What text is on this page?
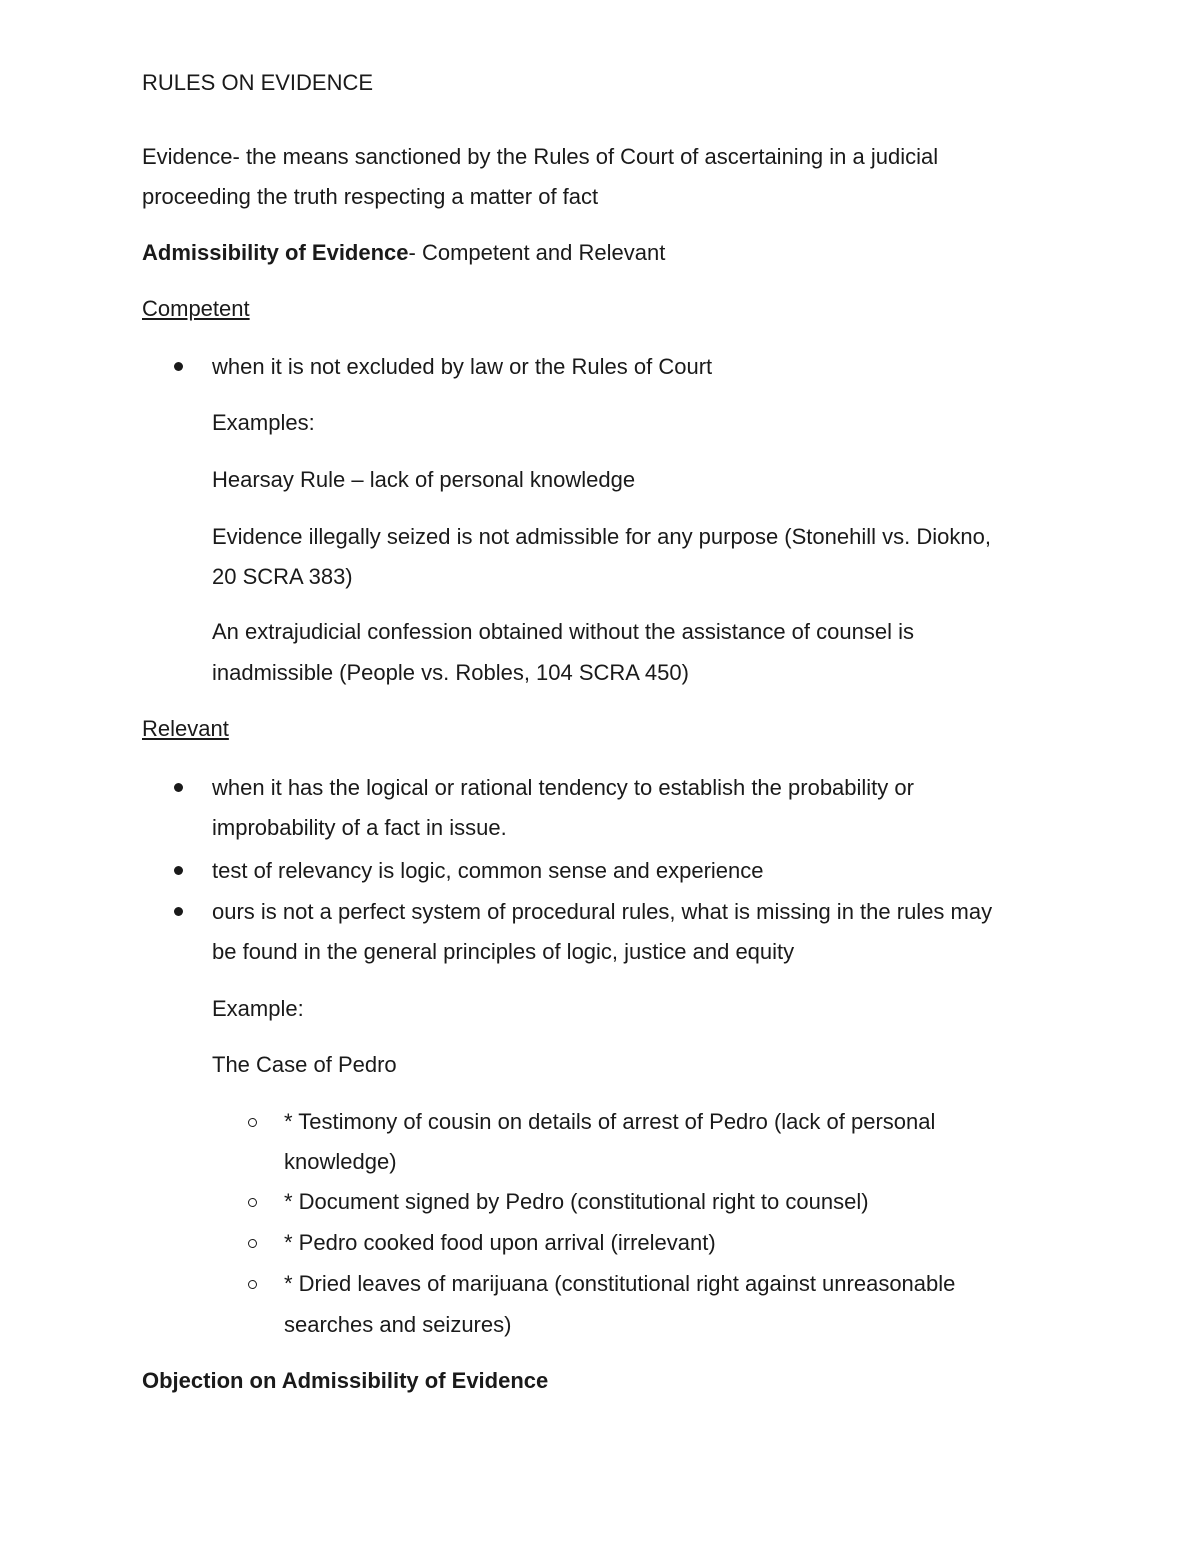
RULES ON EVIDENCE
Evidence- the means sanctioned by the Rules of Court of ascertaining in a judicial
proceeding the truth respecting a matter of fact
Admissibility of Evidence- Competent and Relevant
Competent
when it is not excluded by law or the Rules of Court
Examples:
Hearsay Rule – lack of personal knowledge
Evidence illegally seized is not admissible for any purpose (Stonehill vs. Diokno,
20 SCRA 383)
An extrajudicial confession obtained without the assistance of counsel is
inadmissible (People vs. Robles, 104 SCRA 450)
Relevant
when it has the logical or rational tendency to establish the probability or
improbability of a fact in issue.
test of relevancy is logic, common sense and experience
ours is not a perfect system of procedural rules, what is missing in the rules may
be found in the general principles of logic, justice and equity
Example:
The Case of Pedro
* Testimony of cousin on details of arrest of Pedro (lack of personal
knowledge)
* Document signed by Pedro (constitutional right to counsel)
* Pedro cooked food upon arrival (irrelevant)
* Dried leaves of marijuana (constitutional right against unreasonable
searches and seizures)
Objection on Admissibility of Evidence
